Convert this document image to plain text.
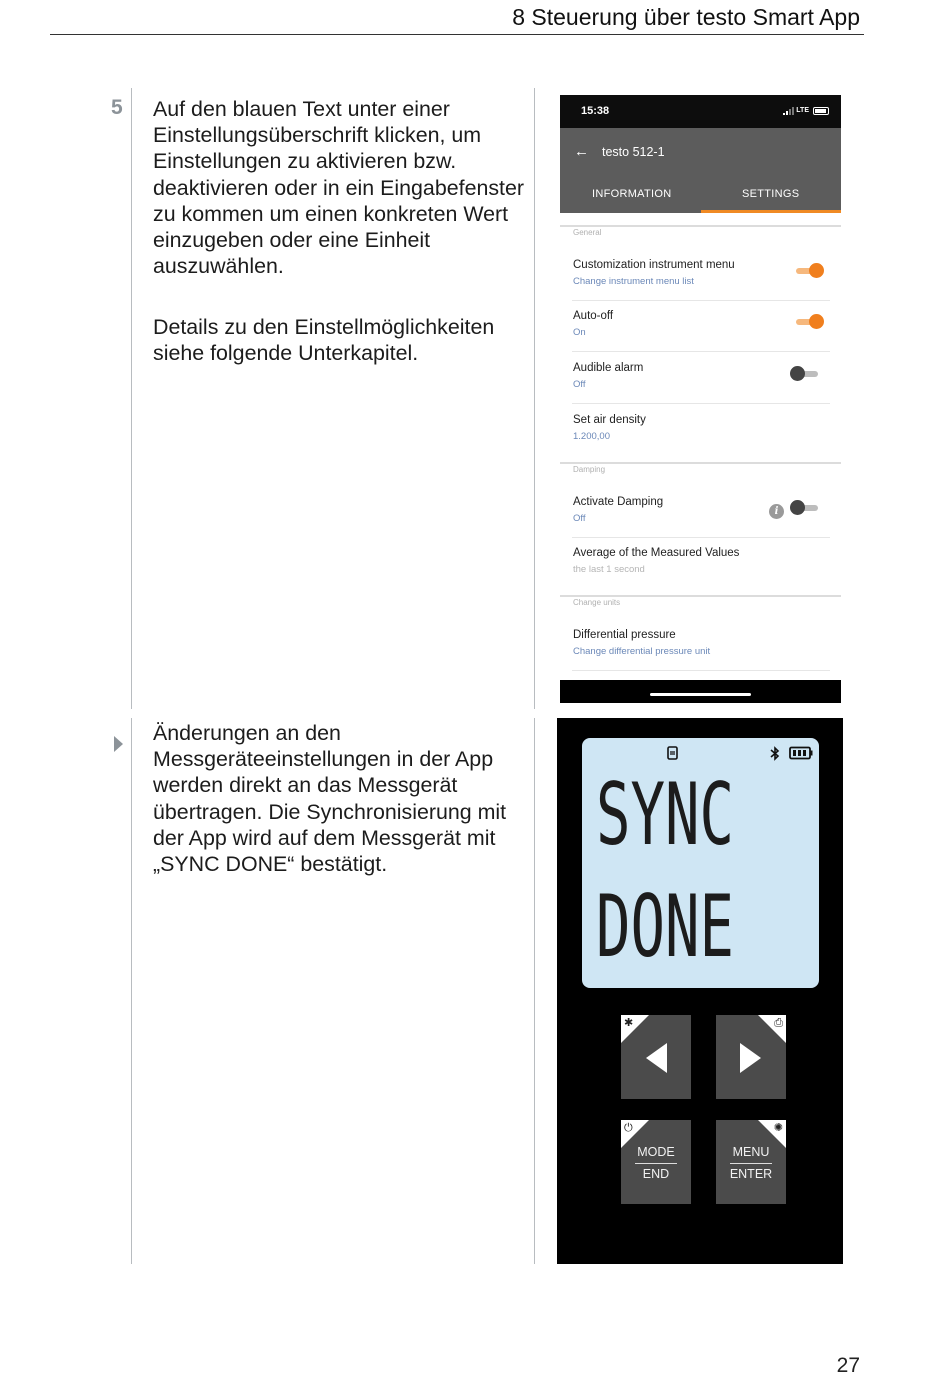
8 Steuerung über testo Smart App
5 Auf den blauen Text unter einer Einstellungsüberschrift klicken, um Einstellungen zu aktivieren bzw. deaktivieren oder in ein Eingabefenster zu kommen um einen konkreten Wert einzugeben oder eine Einheit auszuwählen.

Details zu den Einstellmöglichkeiten siehe folgende Unterkapitel.

Änderungen an den Messgeräteeinstellungen in der App werden direkt an das Messgerät übertragen. Die Synchronisierung mit der App wird auf dem Messgerät mit „SYNC DONE“ bestätigt.

15:38	LTE
← testo 512-1
INFORMATION	SETTINGS
General
Customization instrument menu
Change instrument menu list
Auto-off
On
Audible alarm
Off
Set air density
1.200,00
Damping
Activate Damping
Off
i
Average of the Measured Values
the last 1 second
Change units
Differential pressure
Change differential pressure unit
SYNC
DONE
✱	⎙
⏻
MODE
END
✺
MENU
ENTER
27
